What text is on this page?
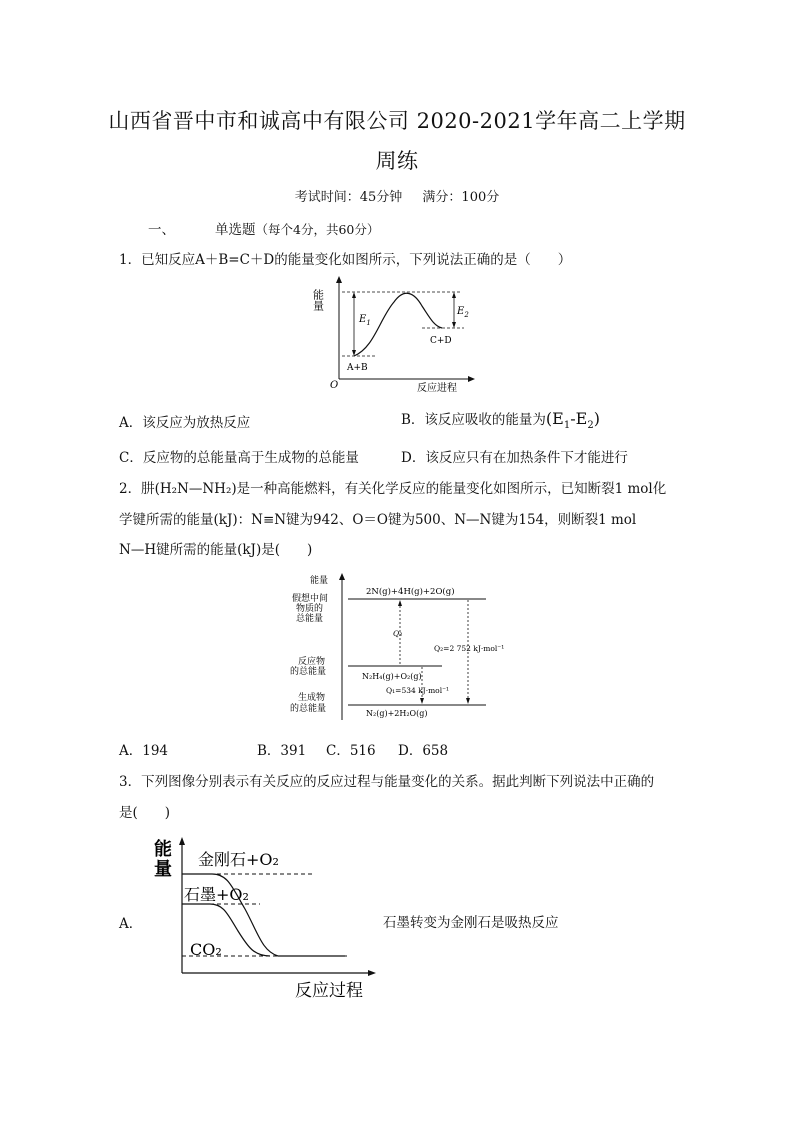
山西省晋中市和诚高中有限公司 2020-2021学年高二上学期
周练
考试时间：45分钟 满分：100分
一、	单选题（每个4分，共60分）
1．已知反应A＋B=C＋D的能量变化如图所示，下列说法正确的是（　　）
能量
O	反应进程
$E_1$
$E_2$
A+B
C+D
A．该反应为放热反应	B．该反应吸收的能量为$(E_1-E_2)$
C．反应物的总能量高于生成物的总能量	D．该反应只有在加热条件下才能进行
2．肼(H₂N—NH₂)是一种高能燃料，有关化学反应的能量变化如图所示，已知断裂1 mol化
学键所需的能量(kJ)：N≡N键为942、O＝O键为500、N—N键为154，则断裂1 mol
N—H键所需的能量(kJ)是(　　)
能量
假想中间
物质的
总能量
反应物
的总能量
生成物
的总能量
2N(g)+4H(g)+2O(g)
N₂H₄(g)+O₂(g)
N₂(g)+2H₂O(g)
Q₃
Q₂=2 752 kJ·mol⁻¹
Q₁=534 kJ·mol⁻¹
A．194	B．391 C．516 D．658
3．下列图像分别表示有关反应的反应过程与能量变化的关系。据此判断下列说法中正确的
是(　　)
A．
能
量
反应过程
金刚石+O₂
石墨+O₂
CO₂
石墨转变为金刚石是吸热反应
